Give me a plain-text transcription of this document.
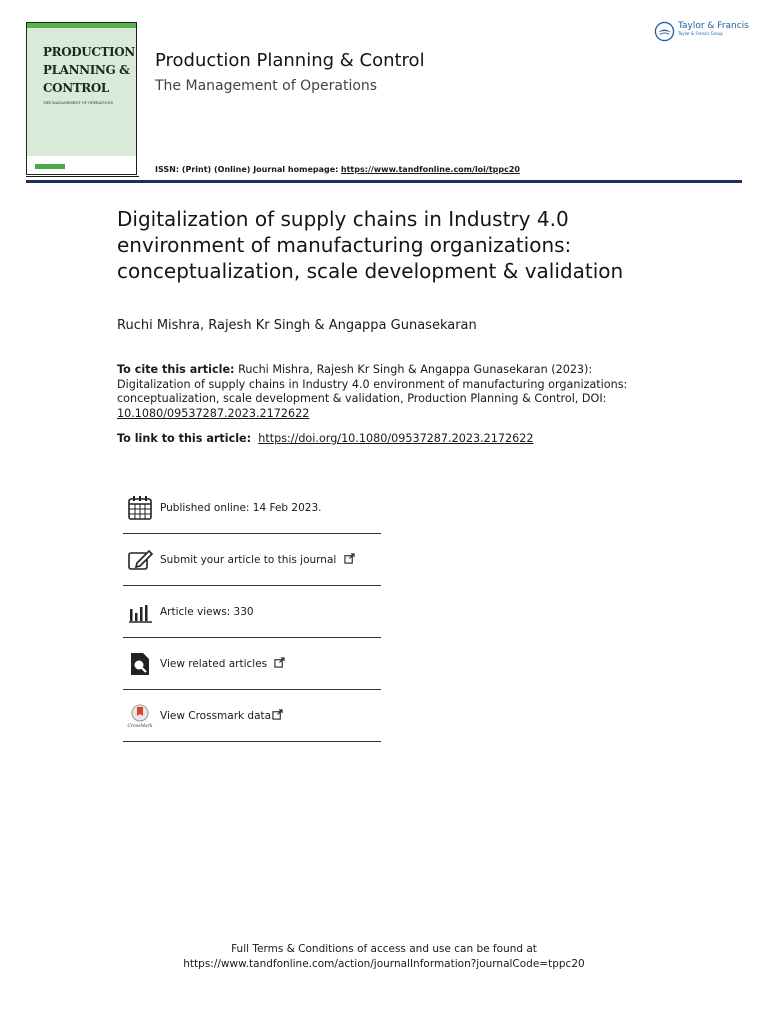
PRODUCTION
PLANNING &
CONTROL
THE MANAGEMENT OF OPERATIONS
Production Planning & Control
The Management of Operations
Taylor & Francis
Taylor & Francis Group
ISSN: (Print) (Online) Journal homepage: https://www.tandfonline.com/loi/tppc20
Digitalization of supply chains in Industry 4.0
environment of manufacturing organizations:
conceptualization, scale development & validation
Ruchi Mishra, Rajesh Kr Singh & Angappa Gunasekaran

To cite this article: Ruchi Mishra, Rajesh Kr Singh & Angappa Gunasekaran (2023):

Digitalization of supply chains in Industry 4.0 environment of manufacturing organizations:

conceptualization, scale development & validation, Production Planning & Control, DOI:

10.1080/09537287.2023.2172622

To link to this article: https://doi.org/10.1080/09537287.2023.2172622
Published online: 14 Feb 2023.
Submit your article to this journal
Article views: 330
View related articles
CrossMark
View Crossmark data
Full Terms & Conditions of access and use can be found at
https://www.tandfonline.com/action/journalInformation?journalCode=tppc20
